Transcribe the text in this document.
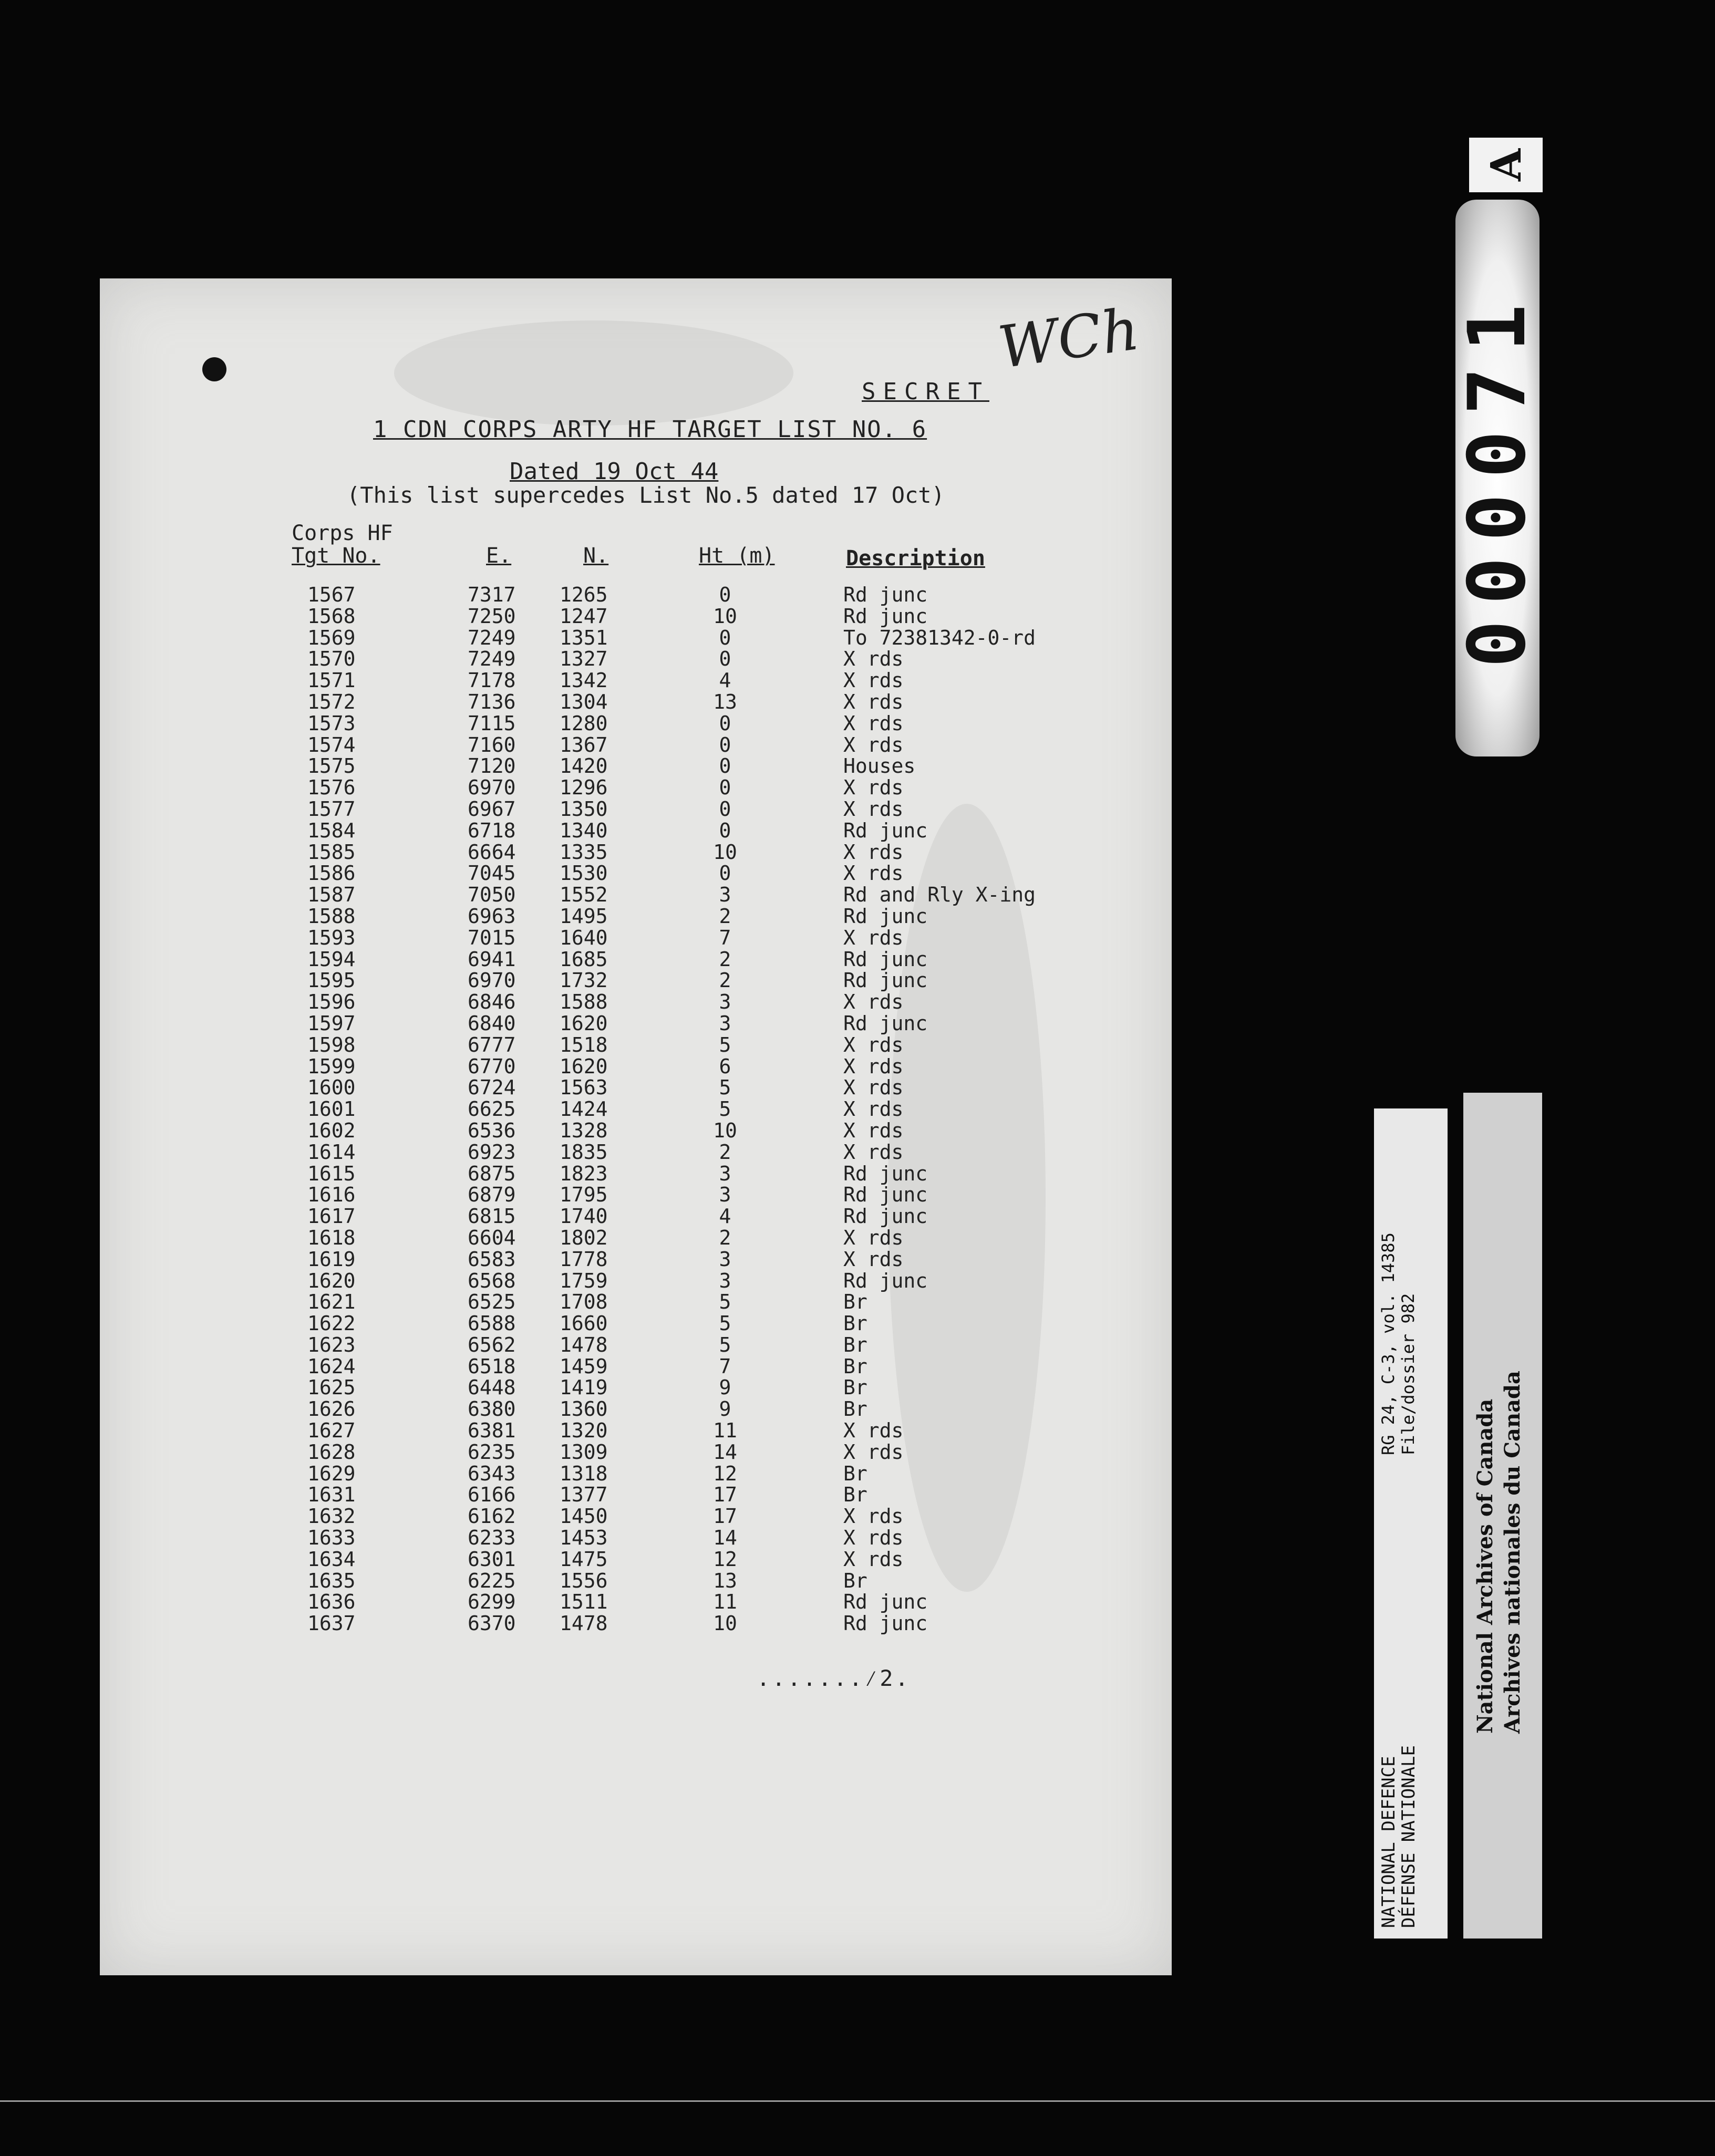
WCh
SECRET
1 CDN CORPS ARTY HF TARGET LIST NO. 6
Dated 19 Oct 44
(This list supercedes List No.5 dated 17 Oct)
Corps HF
Tgt No.	E.	N.	Ht (m)	Description
1567	7317 1265	0	Rd junc
1568	7250 1247	10	Rd junc
1569	7249 1351	0	To 72381342-0-rd
1570	7249 1327	0	X rds
1571	7178 1342	4	X rds
1572	7136 1304	13	X rds
1573	7115 1280	0	X rds
1574	7160 1367	0	X rds
1575	7120 1420	0	Houses
1576	6970 1296	0	X rds
1577	6967 1350	0	X rds
1584	6718 1340	0	Rd junc
1585	6664 1335	10	X rds
1586	7045 1530	0	X rds
1587	7050 1552	3	Rd and Rly X-ing
1588	6963 1495	2	Rd junc
1593	7015 1640	7	X rds
1594	6941 1685	2	Rd junc
1595	6970 1732	2	Rd junc
1596	6846 1588	3	X rds
1597	6840 1620	3	Rd junc
1598	6777 1518	5	X rds
1599	6770 1620	6	X rds
1600	6724 1563	5	X rds
1601	6625 1424	5	X rds
1602	6536 1328	10	X rds
1614	6923 1835	2	X rds
1615	6875 1823	3	Rd junc
1616	6879 1795	3	Rd junc
1617	6815 1740	4	Rd junc
1618	6604 1802	2	X rds
1619	6583 1778	3	X rds
1620	6568 1759	3	Rd junc
1621	6525 1708	5	Br
1622	6588 1660	5	Br
1623	6562 1478	5	Br
1624	6518 1459	7	Br
1625	6448 1419	9	Br
1626	6380 1360	9	Br
1627	6381 1320	11	X rds
1628	6235 1309	14	X rds
1629	6343 1318	12	Br
1631	6166 1377	17	Br
1632	6162 1450	17	X rds
1633	6233 1453	14	X rds
1634	6301 1475	12	X rds
1635	6225 1556	13	Br
1636	6299 1511	11	Rd junc
1637	6370 1478	10	Rd junc
.......⁄2.
A
000071
NATIONAL DEFENCE
DÉFENSE NATIONALE
RG 24, C-3, vol. 14385 File/dossier 982
National Archives of Canada Archives nationales du Canada
